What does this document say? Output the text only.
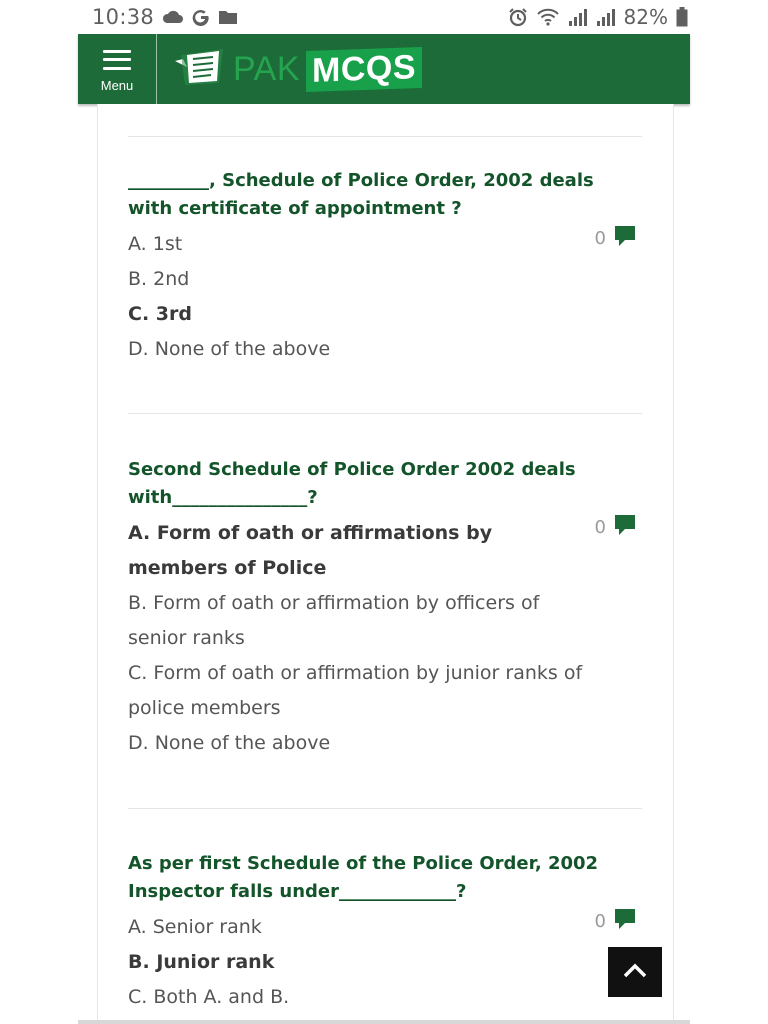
10:38	82%
Menu	PAK MCQS

_________, Schedule of Police Order, 2002 deals with certificate of appointment ?

A. 1st
B. 2nd
C. 3rd
D. None of the above
0

Second Schedule of Police Order 2002 deals with_______________?

A. Form of oath or affirmations by members of Police
B. Form of oath or affirmation by officers of senior ranks
C. Form of oath or affirmation by junior ranks of police members
D. None of the above
0

As per first Schedule of the Police Order, 2002 Inspector falls under_____________?

A. Senior rank
B. Junior rank
C. Both A. and B.
0
